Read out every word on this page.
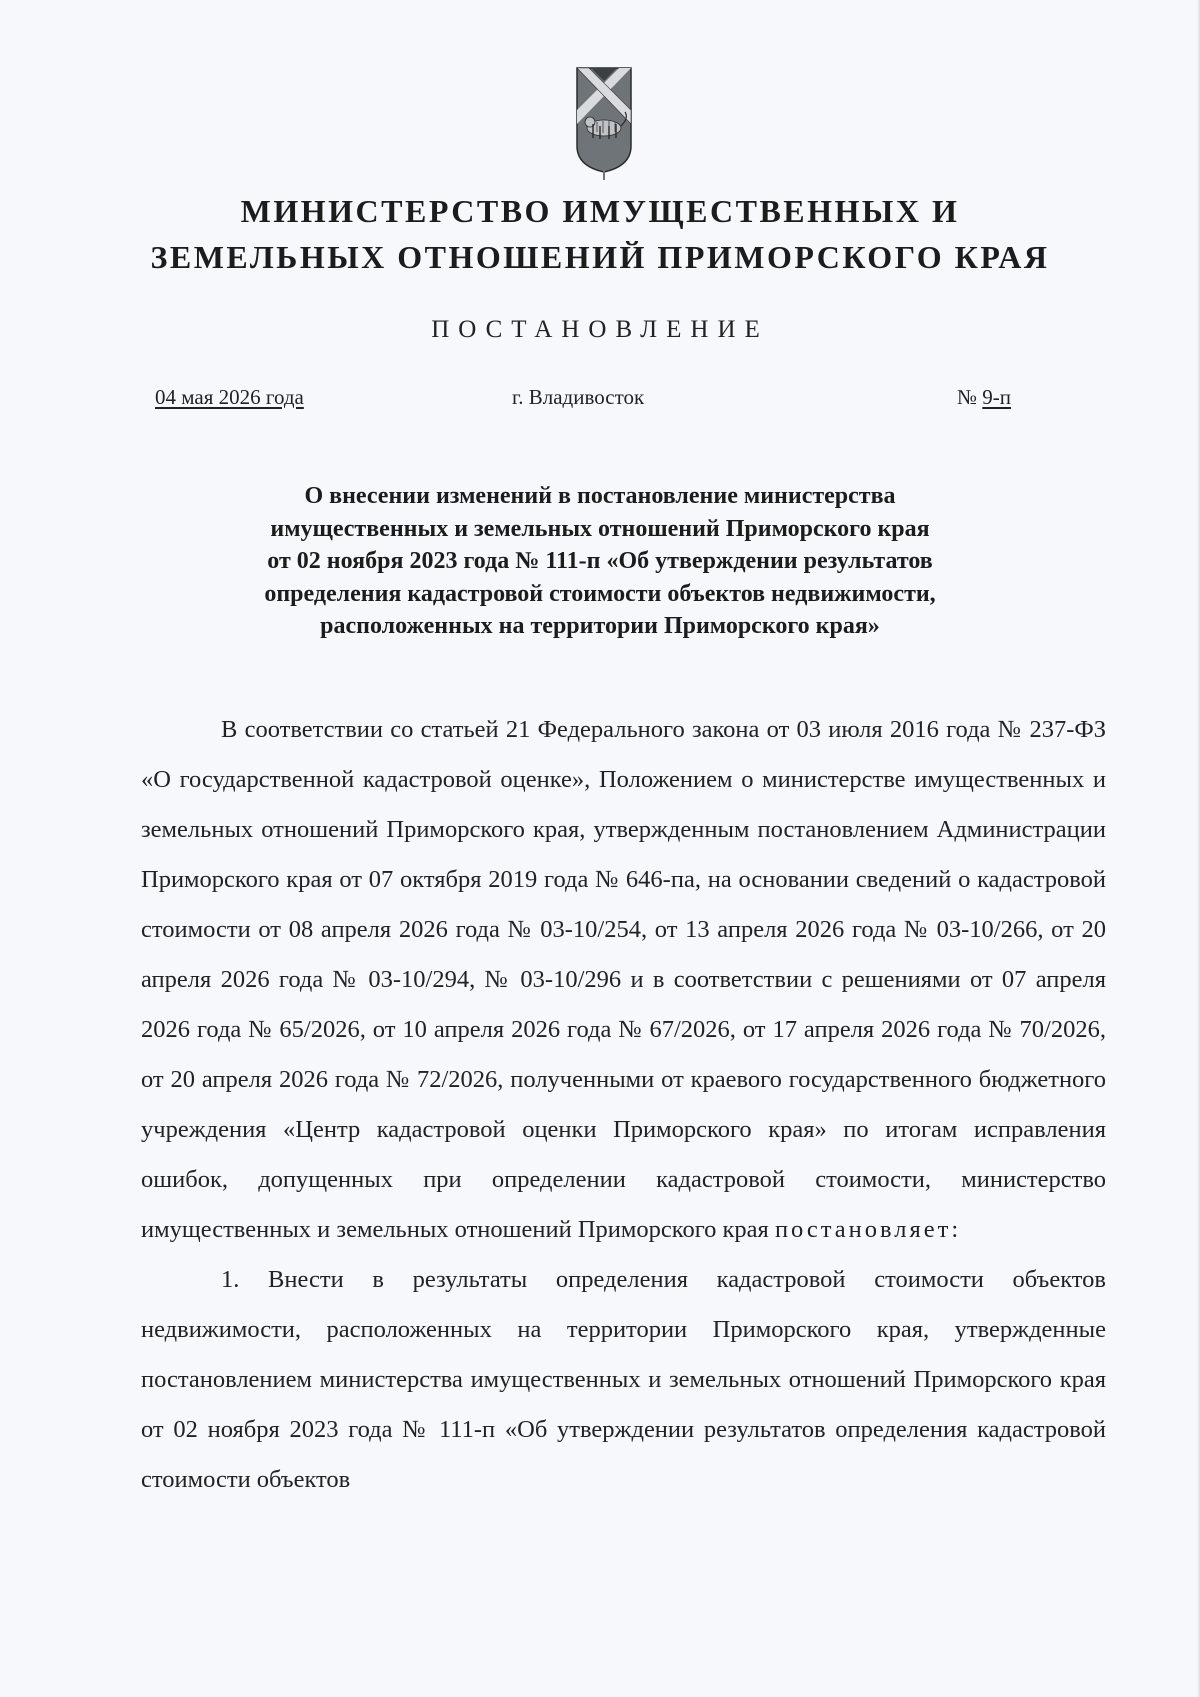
МИНИСТЕРСТВО ИМУЩЕСТВЕННЫХ И
ЗЕМЕЛЬНЫХ ОТНОШЕНИЙ ПРИМОРСКОГО КРАЯ
ПОСТАНОВЛЕНИЕ
04 мая 2026 года	г. Владивосток	№ 9-п
О внесении изменений в постановление министерства
имущественных и земельных отношений Приморского края
от 02 ноября 2023 года № 111-п «Об утверждении результатов
определения кадастровой стоимости объектов недвижимости,
расположенных на территории Приморского края»

В соответствии со статьей 21 Федерального закона от 03 июля 2016 года № 237-ФЗ «О государственной кадастровой оценке», Положением о министерстве имущественных и земельных отношений Приморского края, утвержденным постановлением Администрации Приморского края от 07 октября 2019 года № 646-па, на основании сведений о кадастровой стоимости от 08 апреля 2026 года № 03-10/254, от 13 апреля 2026 года № 03-10/266, от 20 апреля 2026 года № 03-10/294, № 03-10/296 и в соответствии с решениями от 07 апреля 2026 года № 65/2026, от 10 апреля 2026 года № 67/2026, от 17 апреля 2026 года № 70/2026, от 20 апреля 2026 года № 72/2026, полученными от краевого государственного бюджетного учреждения «Центр кадастровой оценки Приморского края» по итогам исправления ошибок, допущенных при определении кадастровой стоимости, министерство имущественных и земельных отношений Приморского края постановляет:

1. Внести в результаты определения кадастровой стоимости объектов недвижимости, расположенных на территории Приморского края, утвержденные постановлением министерства имущественных и земельных отношений Приморского края от 02 ноября 2023 года № 111-п «Об утверждении результатов определения кадастровой стоимости объектов
